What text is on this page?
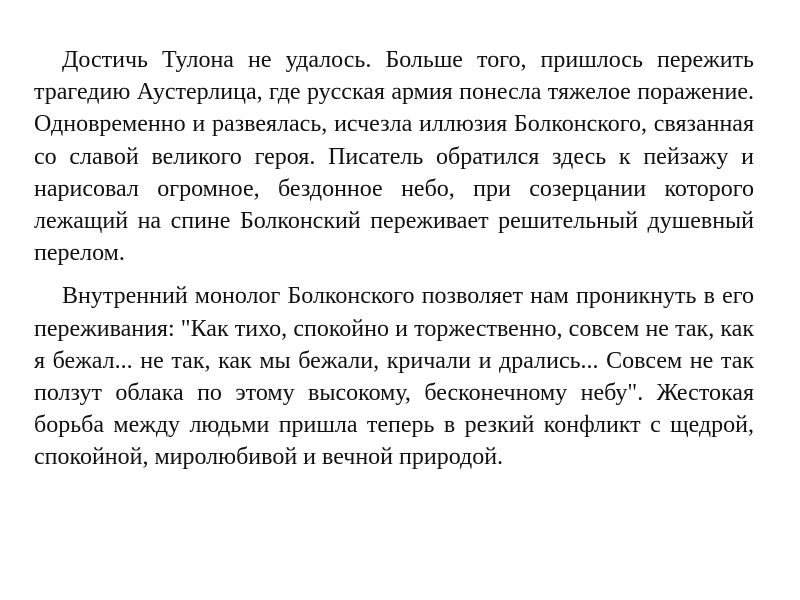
Достичь Тулона не удалось. Больше того, пришлось пережить трагедию Аустерлица, где русская армия понесла тяжелое поражение. Одновременно и развеялась, исчезла иллюзия Болконского, связанная со славой великого героя. Писатель обратился здесь к пейзажу и нарисовал огромное, бездонное небо, при созерцании которого лежащий на спине Болконский переживает решительный душевный перелом.

Внутренний монолог Болконского позволяет нам проникнуть в его переживания: "Как тихо, спокойно и торжественно, совсем не так, как я бежал... не так, как мы бежали, кричали и дрались... Совсем не так ползут облака по этому высокому, бесконечному небу". Жестокая борьба между людьми пришла теперь в резкий конфликт с щедрой, спокойной, миролюбивой и вечной природой.
